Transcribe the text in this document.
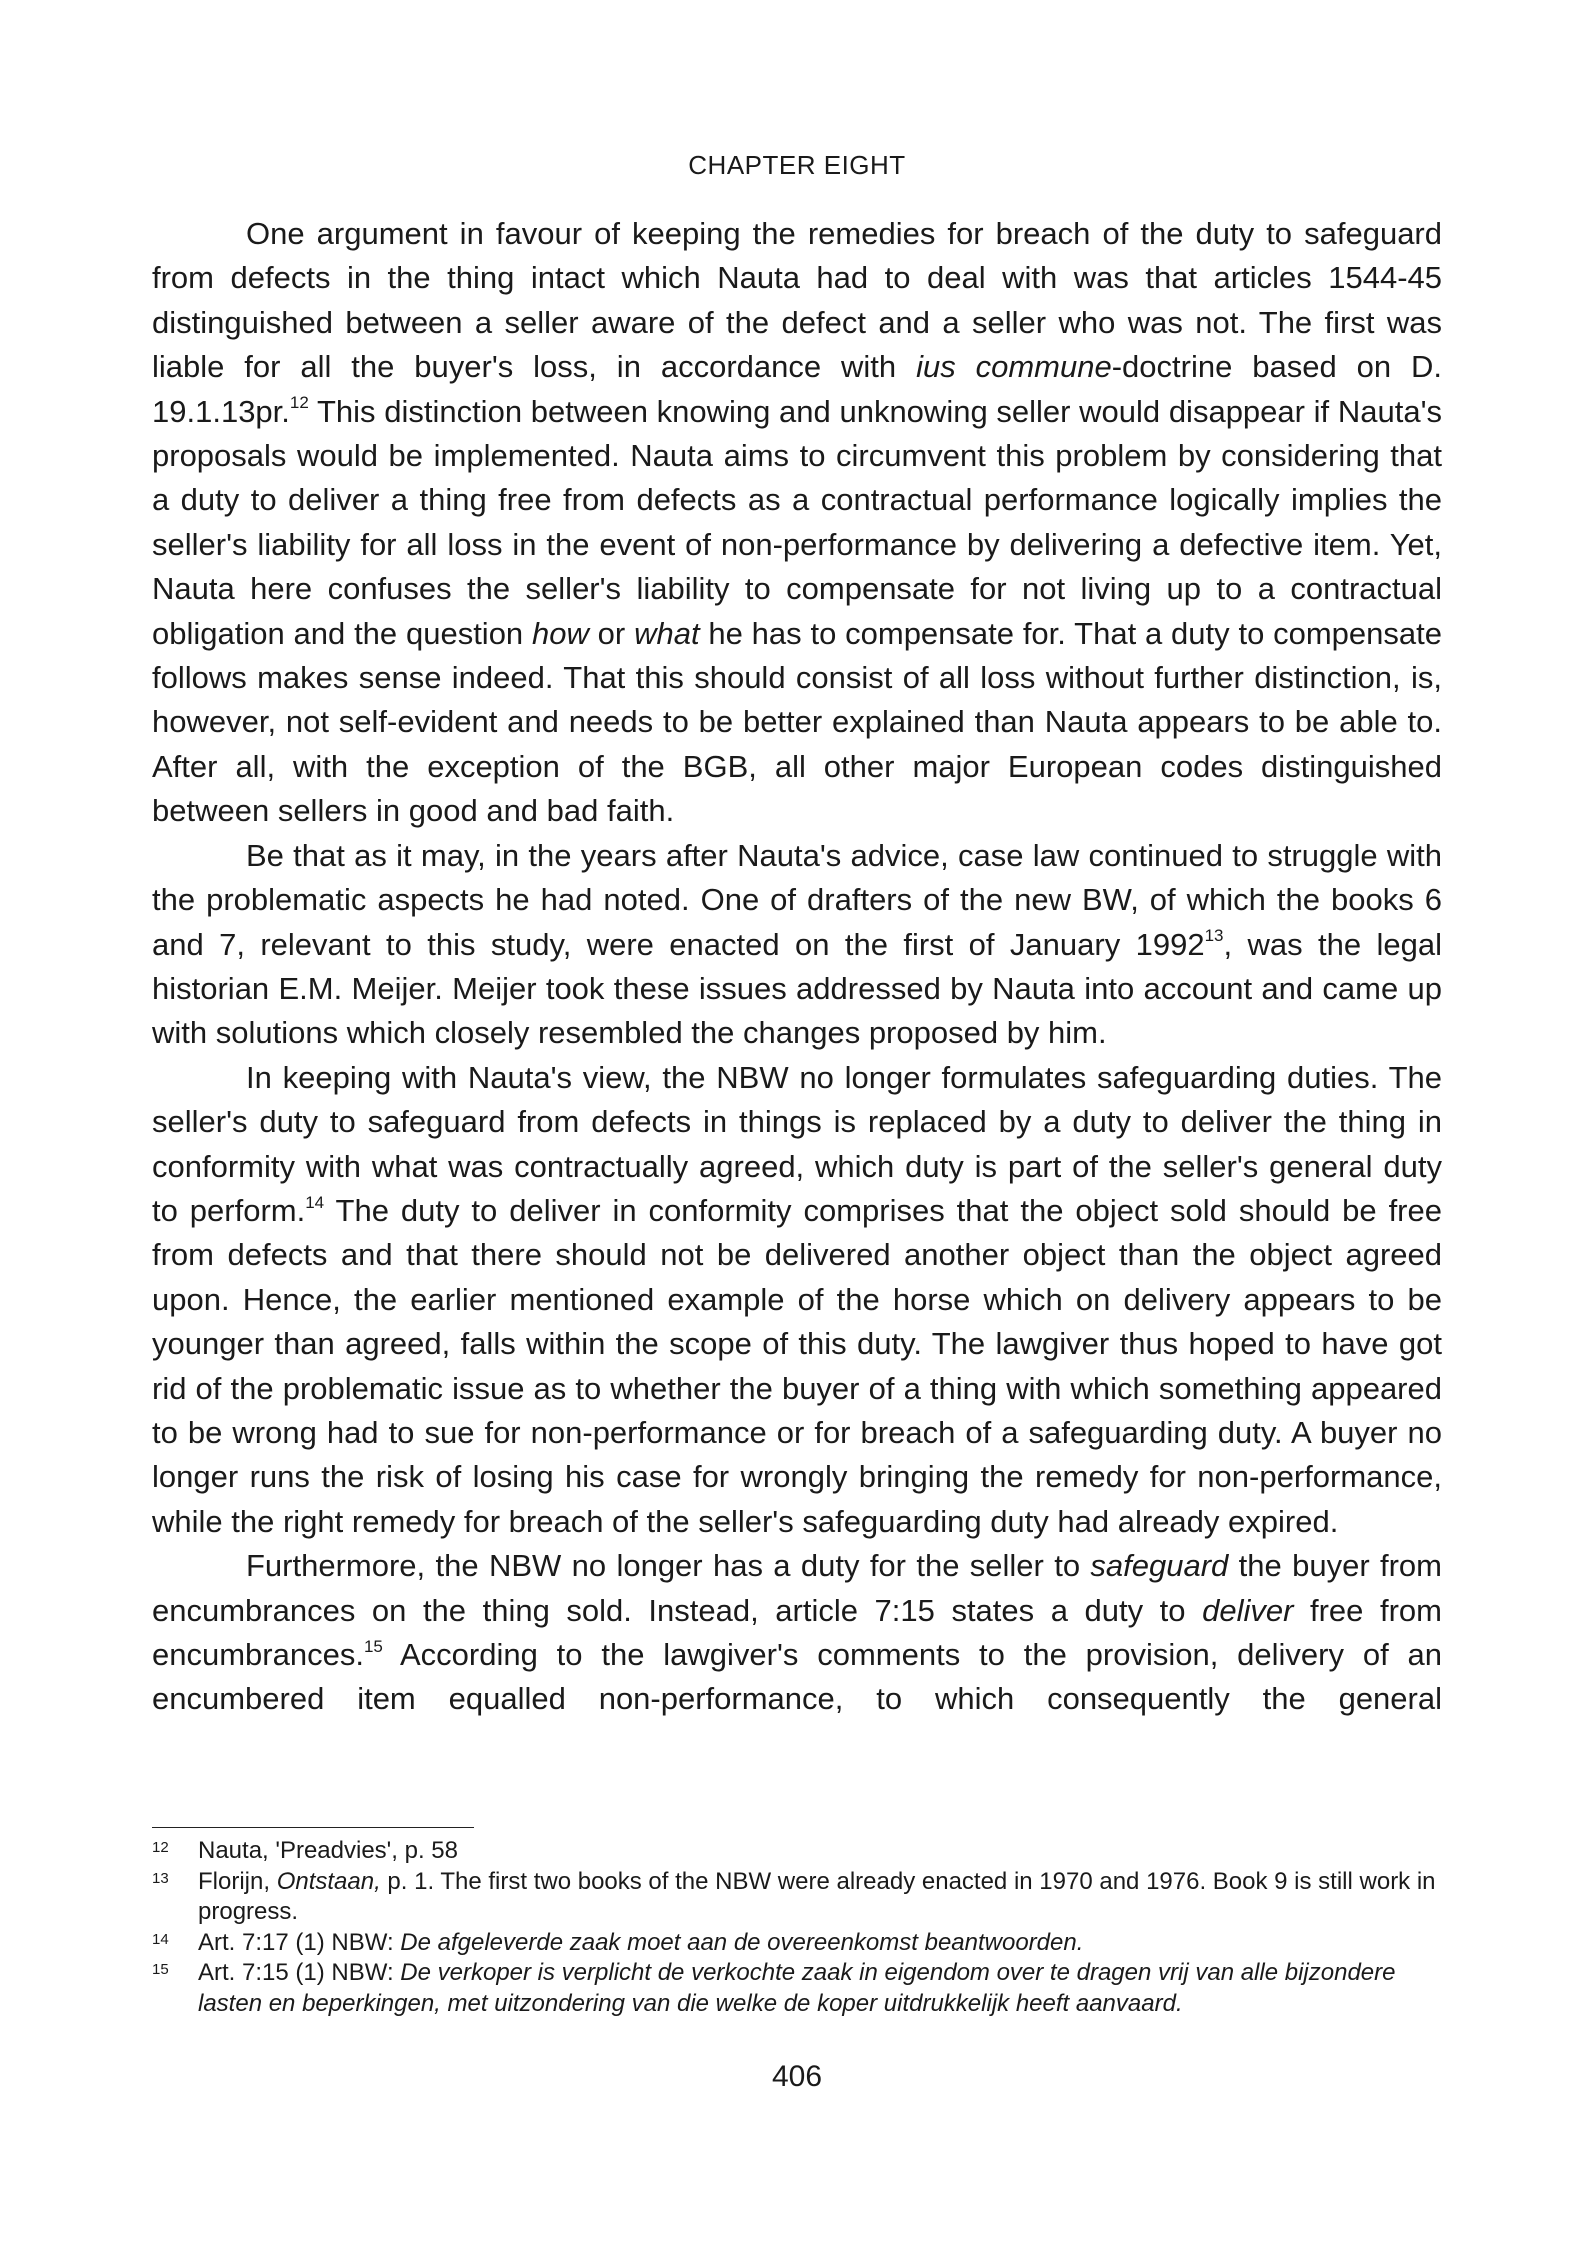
CHAPTER EIGHT

One argument in favour of keeping the remedies for breach of the duty to safeguard from defects in the thing intact which Nauta had to deal with was that articles 1544-45 distinguished between a seller aware of the defect and a seller who was not. The first was liable for all the buyer's loss, in accordance with ius commune-doctrine based on D. 19.1.13pr.$^{12}$ This distinction between knowing and unknowing seller would disappear if Nauta's proposals would be implemented. Nauta aims to circumvent this problem by considering that a duty to deliver a thing free from defects as a contractual performance logically implies the seller's liability for all loss in the event of non-performance by delivering a defective item. Yet, Nauta here confuses the seller's liability to compensate for not living up to a contractual obligation and the question how or what he has to compensate for. That a duty to compensate follows makes sense indeed. That this should consist of all loss without further distinction, is, however, not self-evident and needs to be better explained than Nauta appears to be able to. After all, with the exception of the BGB, all other major European codes distinguished between sellers in good and bad faith.

Be that as it may, in the years after Nauta's advice, case law continued to struggle with the problematic aspects he had noted. One of drafters of the new BW, of which the books 6 and 7, relevant to this study, were enacted on the first of January 1992$^{13}$, was the legal historian E.M. Meijer. Meijer took these issues addressed by Nauta into account and came up with solutions which closely resembled the changes proposed by him.

In keeping with Nauta's view, the NBW no longer formulates safeguarding duties. The seller's duty to safeguard from defects in things is replaced by a duty to deliver the thing in conformity with what was contractually agreed, which duty is part of the seller's general duty to perform.$^{14}$ The duty to deliver in conformity comprises that the object sold should be free from defects and that there should not be delivered another object than the object agreed upon. Hence, the earlier mentioned example of the horse which on delivery appears to be younger than agreed, falls within the scope of this duty. The lawgiver thus hoped to have got rid of the problematic issue as to whether the buyer of a thing with which something appeared to be wrong had to sue for non-performance or for breach of a safeguarding duty. A buyer no longer runs the risk of losing his case for wrongly bringing the remedy for non-performance, while the right remedy for breach of the seller's safeguarding duty had already expired.

Furthermore, the NBW no longer has a duty for the seller to safeguard the buyer from encumbrances on the thing sold. Instead, article 7:15 states a duty to deliver free from encumbrances.$^{15}$ According to the lawgiver's comments to the provision, delivery of an encumbered item equalled non-performance, to which consequently the general

12 Nauta, 'Preadvies', p. 58
13 Florijn, Ontstaan, p. 1. The first two books of the NBW were already enacted in 1970 and 1976. Book 9 is still work in progress.
14 Art. 7:17 (1) NBW: De afgeleverde zaak moet aan de overeenkomst beantwoorden.
15 Art. 7:15 (1) NBW: De verkoper is verplicht de verkochte zaak in eigendom over te dragen vrij van alle bijzondere lasten en beperkingen, met uitzondering van die welke de koper uitdrukkelijk heeft aanvaard.
406
